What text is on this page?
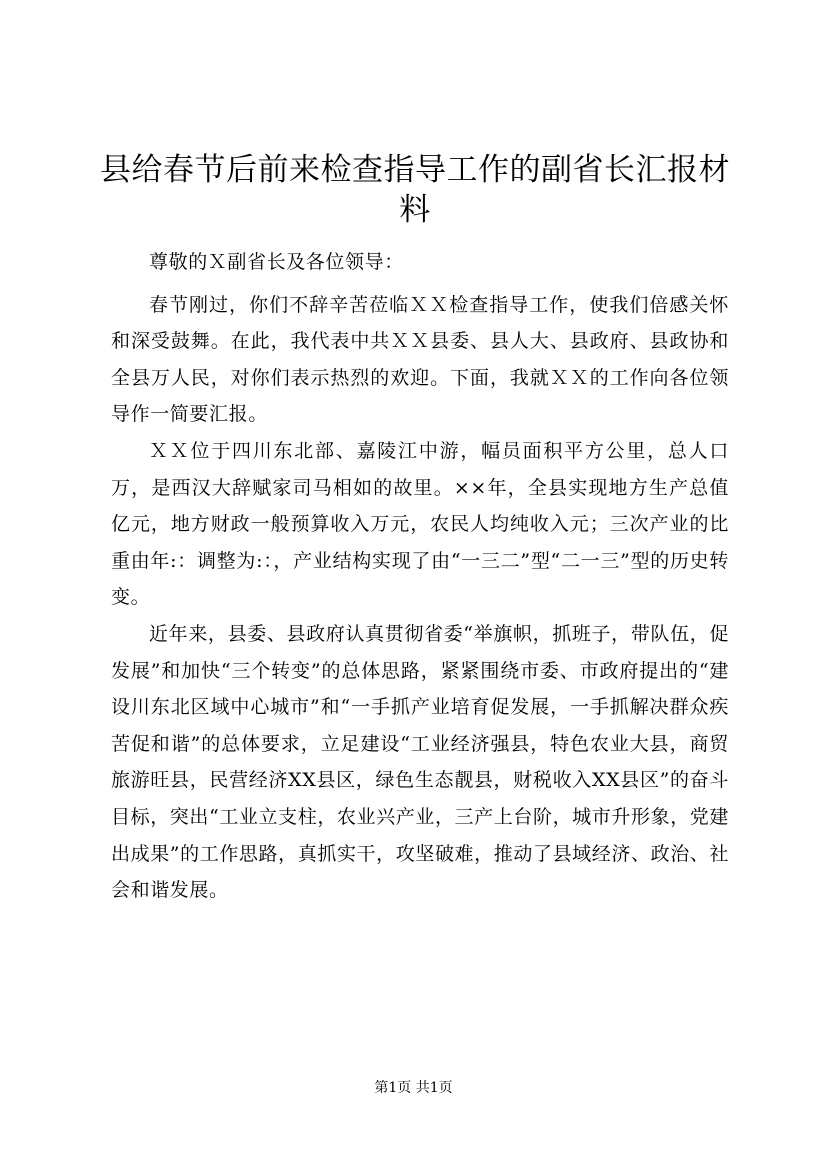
县给春节后前来检查指导工作的副省长汇报材料

尊敬的Ｘ副省长及各位领导：

春节刚过，你们不辞辛苦莅临ＸＸ检查指导工作，使我们倍感关怀和深受鼓舞。在此，我代表中共ＸＸ县委、县人大、县政府、县政协和全县万人民，对你们表示热烈的欢迎。下面，我就ＸＸ的工作向各位领导作一简要汇报。

ＸＸ位于四川东北部、嘉陵江中游，幅员面积平方公里，总人口万，是西汉大辞赋家司马相如的故里。××年，全县实现地方生产总值亿元，地方财政一般预算收入万元，农民人均纯收入元；三次产业的比重由年:：调整为:：，产业结构实现了由“一三二”型“二一三”型的历史转变。

近年来，县委、县政府认真贯彻省委“举旗帜，抓班子，带队伍，促发展”和加快“三个转变”的总体思路，紧紧围绕市委、市政府提出的“建设川东北区域中心城市”和“一手抓产业培育促发展，一手抓解决群众疾苦促和谐”的总体要求，立足建设“工业经济强县，特色农业大县，商贸旅游旺县，民营经济XX县区，绿色生态靓县，财税收入XX县区”的奋斗目标，突出“工业立支柱，农业兴产业，三产上台阶，城市升形象，党建出成果”的工作思路，真抓实干，攻坚破难，推动了县域经济、政治、社会和谐发展。

第1页 共1页
